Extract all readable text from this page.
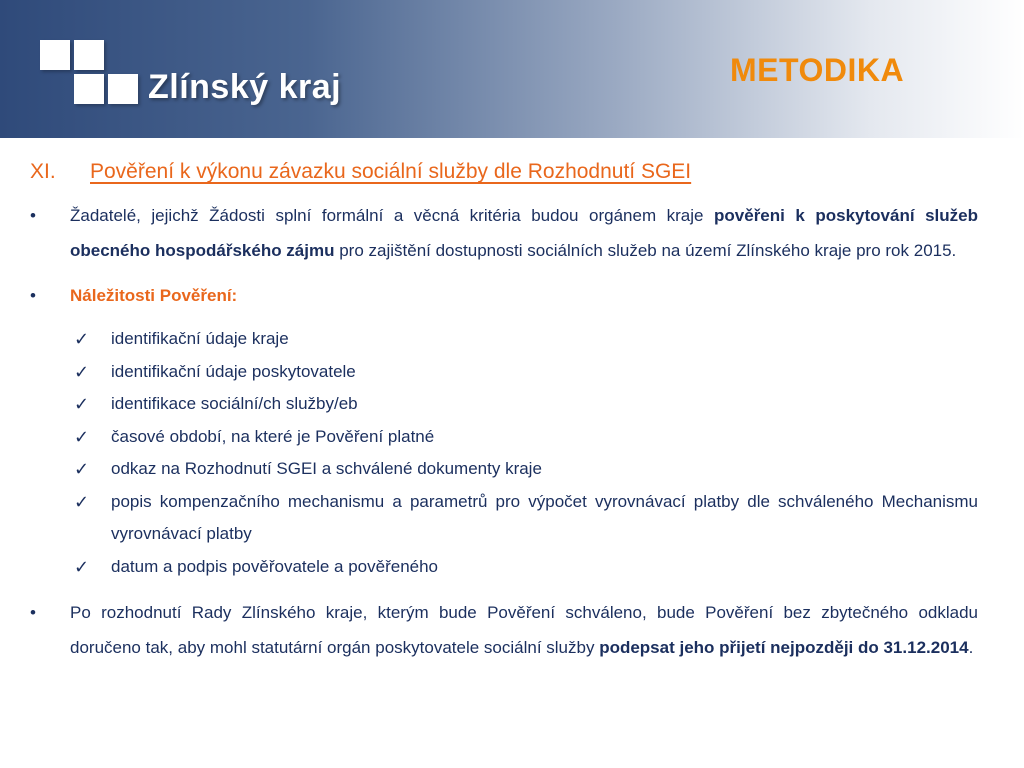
Zlínský kraj	METODIKA
XI.	Pověření k výkonu závazku sociální služby dle Rozhodnutí SGEI
•	Žadatelé, jejichž Žádosti splní formální a věcná kritéria budou orgánem kraje pověřeni k poskytování služeb obecného hospodářského zájmu pro zajištění dostupnosti sociálních služeb na území Zlínského kraje pro rok 2015.
•	Náležitosti Pověření:
✓ identifikační údaje kraje
✓ identifikační údaje poskytovatele
✓ identifikace sociální/ch služby/eb
✓ časové období, na které je Pověření platné
✓ odkaz na Rozhodnutí SGEI a schválené dokumenty kraje
✓ popis kompenzačního mechanismu a parametrů pro výpočet vyrovnávací platby dle schváleného Mechanismu vyrovnávací platby
✓ datum a podpis pověřovatele a pověřeného
•	Po rozhodnutí Rady Zlínského kraje, kterým bude Pověření schváleno, bude Pověření bez zbytečného odkladu doručeno tak, aby mohl statutární orgán poskytovatele sociální služby podepsat jeho přijetí nejpozději do 31.12.2014.
